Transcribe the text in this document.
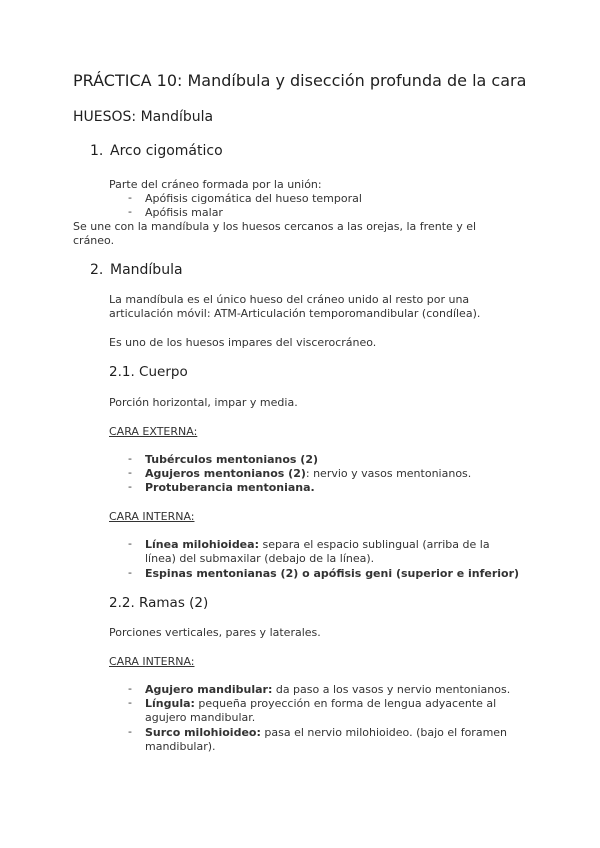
PRÁCTICA 10: Mandíbula y disección profunda de la cara
HUESOS: Mandíbula
1. Arco cigomático
Parte del cráneo formada por la unión:
- Apófisis cigomática del hueso temporal
- Apófisis malar
Se une con la mandíbula y los huesos cercanos a las orejas, la frente y el
cráneo.
2. Mandíbula
La mandíbula es el único hueso del cráneo unido al resto por una
articulación móvil: ATM-Articulación temporomandibular (condílea).
Es uno de los huesos impares del viscerocráneo.
2.1. Cuerpo
Porción horizontal, impar y media.
CARA EXTERNA:
- Tubérculos mentonianos (2)
- Agujeros mentonianos (2): nervio y vasos mentonianos.
- Protuberancia mentoniana.
CARA INTERNA:
- Línea milohioidea: separa el espacio sublingual (arriba de la
línea) del submaxilar (debajo de la línea).
- Espinas mentonianas (2) o apófisis geni (superior e inferior)
2.2. Ramas (2)
Porciones verticales, pares y laterales.
CARA INTERNA:
- Agujero mandibular: da paso a los vasos y nervio mentonianos.
- Língula: pequeña proyección en forma de lengua adyacente al
agujero mandibular.
- Surco milohioideo: pasa el nervio milohioideo. (bajo el foramen
mandibular).
